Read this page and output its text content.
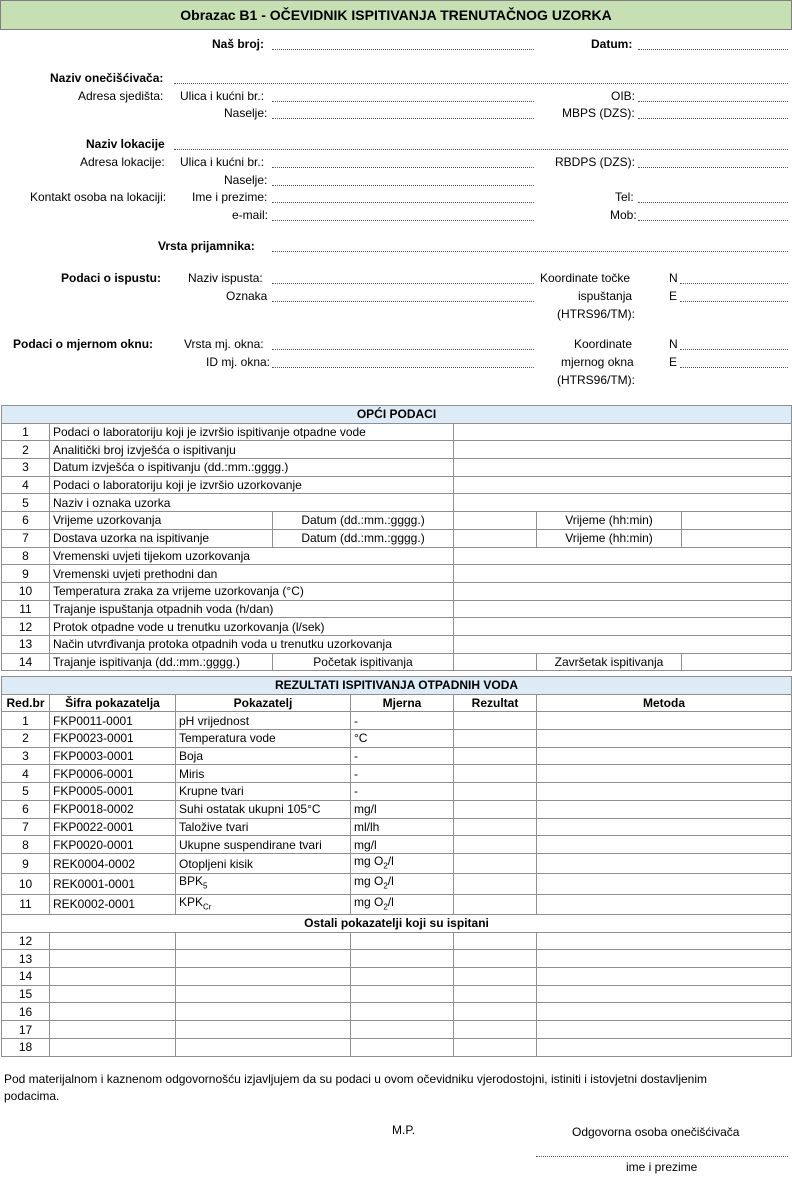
Obrazac B1 - OČEVIDNIK ISPITIVANJA TRENUTAČNOG UZORKA
Naš broj:	Datum:
Naziv onečišćivača:
Adresa sjedišta: Ulica i kućni br.:	OIB:
Naselje:	MBPS (DZS):
Naziv lokacije
Adresa lokacije: Ulica i kućni br.:	RBDPS (DZS):
Naselje:
Kontakt osoba na lokaciji: Ime i prezime:	Tel:
e-mail:	Mob:
Vrsta prijamnika:
Podaci o ispustu: Naziv ispusta:	Koordinate točke	N
Oznaka	ispuštanja	E
(HTRS96/TM):
Podaci o mjernom oknu:	Vrsta mj. okna:	Koordinate	N
ID mj. okna:	mjernog okna	E
(HTRS96/TM):
OPĆI PODACI					
1	Podaci o laboratoriju koji je izvršio ispitivanje otpadne vode				
2	Analitički broj izvješća o ispitivanju				
3	Datum izvješća o ispitivanju (dd.:mm.:gggg.)				
4	Podaci o laboratoriju koji je izvršio uzorkovanje				
5	Naziv i oznaka uzorka				
6	Vrijeme uzorkovanja	Datum (dd.:mm.:gggg.)		Vrijeme (hh:min)	
7	Dostava uzorka na ispitivanje	Datum (dd.:mm.:gggg.)		Vrijeme (hh:min)	
8	Vremenski uvjeti tijekom uzorkovanja				
9	Vremenski uvjeti prethodni dan				
10	Temperatura zraka za vrijeme uzorkovanja (°C)				
11	Trajanje ispuštanja otpadnih voda (h/dan)				
12	Protok otpadne vode u trenutku uzorkovanja (l/sek)				
13	Način utvrđivanja protoka otpadnih voda u trenutku uzorkovanja				
14	Trajanje ispitivanja (dd.:mm.:gggg.)	Početak ispitivanja		Završetak ispitivanja	
REZULTATI ISPITIVANJA OTPADNIH VODA					
Red.br	Šifra pokazatelja	Pokazatelj	Mjerna	Rezultat	Metoda
1	FKP0011-0001	pH vrijednost	-		
2	FKP0023-0001	Temperatura vode	°C		
3	FKP0003-0001	Boja	-		
4	FKP0006-0001	Miris	-		
5	FKP0005-0001	Krupne tvari	-		
6	FKP0018-0002	Suhi ostatak ukupni 105°C	mg/l		
7	FKP0022-0001	Taložive tvari	ml/lh		
8	FKP0020-0001	Ukupne suspendirane tvari	mg/l		
9	REK0004-0002	Otopljeni kisik	mg $O_2/l$		
10	REK0001-0001	$BPK_5$	mg $O_2/l$		
11	REK0002-0001	$KPK_{Cr}$	mg $O_2/l$		
Ostali pokazatelji koji su ispitani					
12					
13					
14					
15					
16					
17					
18					
Pod materijalnom i kaznenom odgovornošću izjavljujem da su podaci u ovom očevidniku vjerodostojni, istiniti i istovjetni dostavljenim
podacima.
M.P.	Odgovorna osoba onečišćivača
ime i prezime
